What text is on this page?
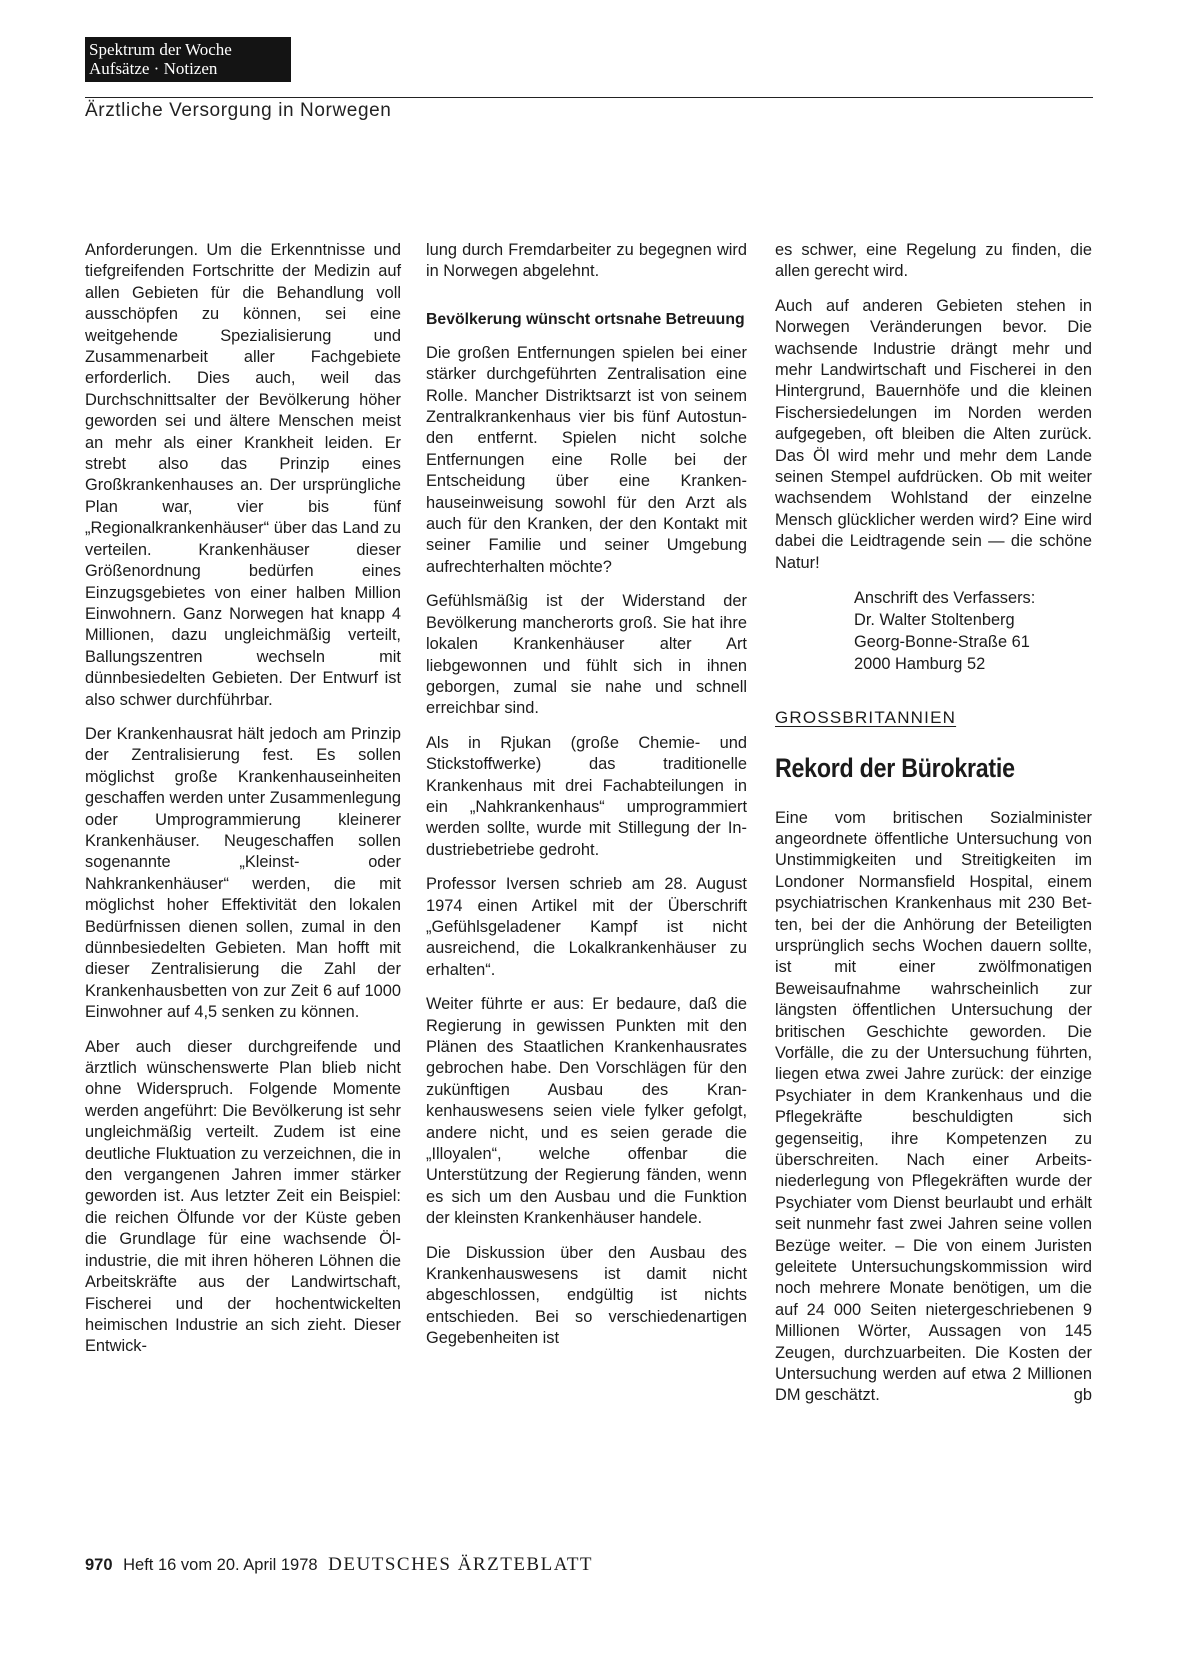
Spektrum der Woche
Aufsätze · Notizen
Ärztliche Versorgung in Norwegen

Anforderungen. Um die Erkenntnisse und tiefgreifenden Fortschritte der Medizin auf allen Gebieten für die Behandlung voll ausschöpfen zu können, sei eine weitgehende Spezialisierung und Zusammenarbeit aller Fachgebiete erforderlich. Dies auch, weil das Durchschnittsalter der Bevölkerung höher geworden sei und ältere Menschen meist an mehr als einer Krankheit leiden. Er strebt also das Prinzip eines Großkrankenhauses an. Der ursprüngliche Plan war, vier bis fünf „Regionalkrankenhäuser“ über das Land zu verteilen. Krankenhäuser dieser Größenordnung bedürfen eines Einzugsgebietes von einer halben Million Einwohnern. Ganz Norwegen hat knapp 4 Millionen, dazu ungleichmäßig verteilt, Ballungszentren wechseln mit dünnbesiedelten Gebieten. Der Entwurf ist also schwer durchführbar.

Der Krankenhausrat hält jedoch am Prinzip der Zentralisierung fest. Es sollen möglichst große Krankenhauseinheiten geschaffen werden unter Zusammenlegung oder Umprogrammierung kleinerer Krankenhäuser. Neugeschaffen sollen sogenannte „Kleinst- oder Nahkrankenhäuser“ werden, die mit möglichst hoher Effektivität den lokalen Bedürfnissen dienen sollen, zumal in den dünnbesiedelten Gebieten. Man hofft mit dieser Zentralisierung die Zahl der Krankenhausbetten von zur Zeit 6 auf 1000 Einwohner auf 4,5 senken zu können.

Aber auch dieser durchgreifende und ärztlich wünschenswerte Plan blieb nicht ohne Widerspruch. Folgende Momente werden angeführt: Die Bevölkerung ist sehr ungleichmäßig verteilt. Zudem ist eine deutliche Fluktuation zu verzeichnen, die in den vergangenen Jahren immer stärker geworden ist. Aus letzter Zeit ein Beispiel: die reichen Ölfunde vor der Küste geben die Grundlage für eine wachsende Ölindustrie, die mit ihren höheren Löhnen die Arbeitskräfte aus der Landwirtschaft, Fischerei und der hochentwickelten heimischen Industrie an sich zieht. Dieser Entwick-

lung durch Fremdarbeiter zu begegnen wird in Norwegen abgelehnt.

Bevölkerung wünscht ortsnahe Betreuung

Die großen Entfernungen spielen bei einer stärker durchgeführten Zentralisation eine Rolle. Mancher Distriktsarzt ist von seinem Zentralkrankenhaus vier bis fünf Autostunden entfernt. Spielen nicht solche Entfernungen eine Rolle bei der Entscheidung über eine Krankenhauseinweisung sowohl für den Arzt als auch für den Kranken, der den Kontakt mit seiner Familie und seiner Umgebung aufrechterhalten möchte?

Gefühlsmäßig ist der Widerstand der Bevölkerung mancherorts groß. Sie hat ihre lokalen Krankenhäuser alter Art liebgewonnen und fühlt sich in ihnen geborgen, zumal sie nahe und schnell erreichbar sind.

Als in Rjukan (große Chemie- und Stickstoffwerke) das traditionelle Krankenhaus mit drei Fachabteilungen in ein „Nahkrankenhaus“ umprogrammiert werden sollte, wurde mit Stillegung der Industriebetriebe gedroht.

Professor Iversen schrieb am 28. August 1974 einen Artikel mit der Überschrift „Gefühlsgeladener Kampf ist nicht ausreichend, die Lokalkrankenhäuser zu erhalten“.

Weiter führte er aus: Er bedaure, daß die Regierung in gewissen Punkten mit den Plänen des Staatlichen Krankenhausrates gebrochen habe. Den Vorschlägen für den zukünftigen Ausbau des Krankenhauswesens seien viele fylker gefolgt, andere nicht, und es seien gerade die „Illoyalen“, welche offenbar die Unterstützung der Regierung fänden, wenn es sich um den Ausbau und die Funktion der kleinsten Krankenhäuser handele.

Die Diskussion über den Ausbau des Krankenhauswesens ist damit nicht abgeschlossen, endgültig ist nichts entschieden. Bei so verschiedenartigen Gegebenheiten ist

es schwer, eine Regelung zu finden, die allen gerecht wird.

Auch auf anderen Gebieten stehen in Norwegen Veränderungen bevor. Die wachsende Industrie drängt mehr und mehr Landwirtschaft und Fischerei in den Hintergrund, Bauernhöfe und die kleinen Fischersiedelungen im Norden werden aufgegeben, oft bleiben die Alten zurück. Das Öl wird mehr und mehr dem Lande seinen Stempel aufdrücken. Ob mit weiter wachsendem Wohlstand der einzelne Mensch glücklicher werden wird? Eine wird dabei die Leidtragende sein — die schöne Natur!

Anschrift des Verfassers:
Dr. Walter Stoltenberg
Georg-Bonne-Straße 61
2000 Hamburg 52
GROSSBRITANNIEN
Rekord der Bürokratie

Eine vom britischen Sozialminister angeordnete öffentliche Untersuchung von Unstimmigkeiten und Streitigkeiten im Londoner Normansfield Hospital, einem psychiatrischen Krankenhaus mit 230 Betten, bei der die Anhörung der Beteiligten ursprünglich sechs Wochen dauern sollte, ist mit einer zwölfmonatigen Beweisaufnahme wahrscheinlich zur längsten öffentlichen Untersuchung der britischen Geschichte geworden. Die Vorfälle, die zu der Untersuchung führten, liegen etwa zwei Jahre zurück: der einzige Psychiater in dem Krankenhaus und die Pflegekräfte beschuldigten sich gegenseitig, ihre Kompetenzen zu überschreiten. Nach einer Arbeitsniederlegung von Pflegekräften wurde der Psychiater vom Dienst beurlaubt und erhält seit nunmehr fast zwei Jahren seine vollen Bezüge weiter. – Die von einem Juristen geleitete Untersuchungskommission wird noch mehrere Monate benötigen, um die auf 24 000 Seiten nietergeschriebenen 9 Millionen Wörter, Aussagen von 145 Zeugen, durchzuarbeiten. Die Kosten der Untersuchung werden auf etwa 2 Millionen DM geschätzt.	gb

970 Heft 16 vom 20. April 1978 DEUTSCHES ÄRZTEBLATT
